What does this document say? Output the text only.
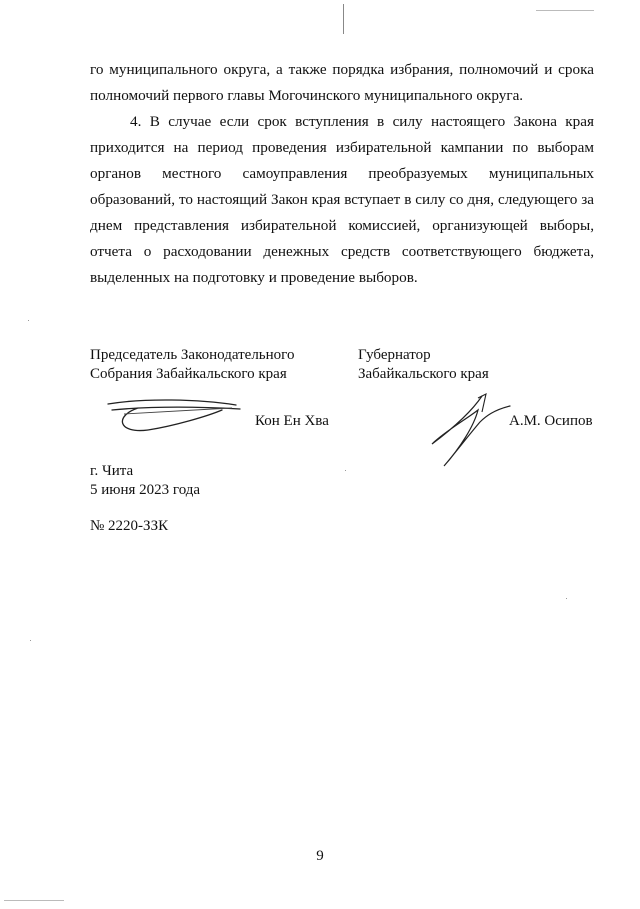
го муниципального округа, а также порядка избрания, полномочий и срока полномочий первого главы Могочинского муниципального округа.

4. В случае если срок вступления в силу настоящего Закона края приходится на период проведения избирательной кампании по выборам органов местного самоуправления преобразуемых муниципальных образований, то настоящий Закон края вступает в силу со дня, следующего за днем представления избирательной комиссией, организующей выборы, отчета о расходовании денежных средств соответствующего бюджета, выделенных на подготовку и проведение выборов.

Председатель Законодательного
Собрания Забайкальского края
Кон Ен Хва
Губернатор
Забайкальского края
А.М. Осипов
г. Чита
5 июня 2023 года
№ 2220-ЗЗК
9
